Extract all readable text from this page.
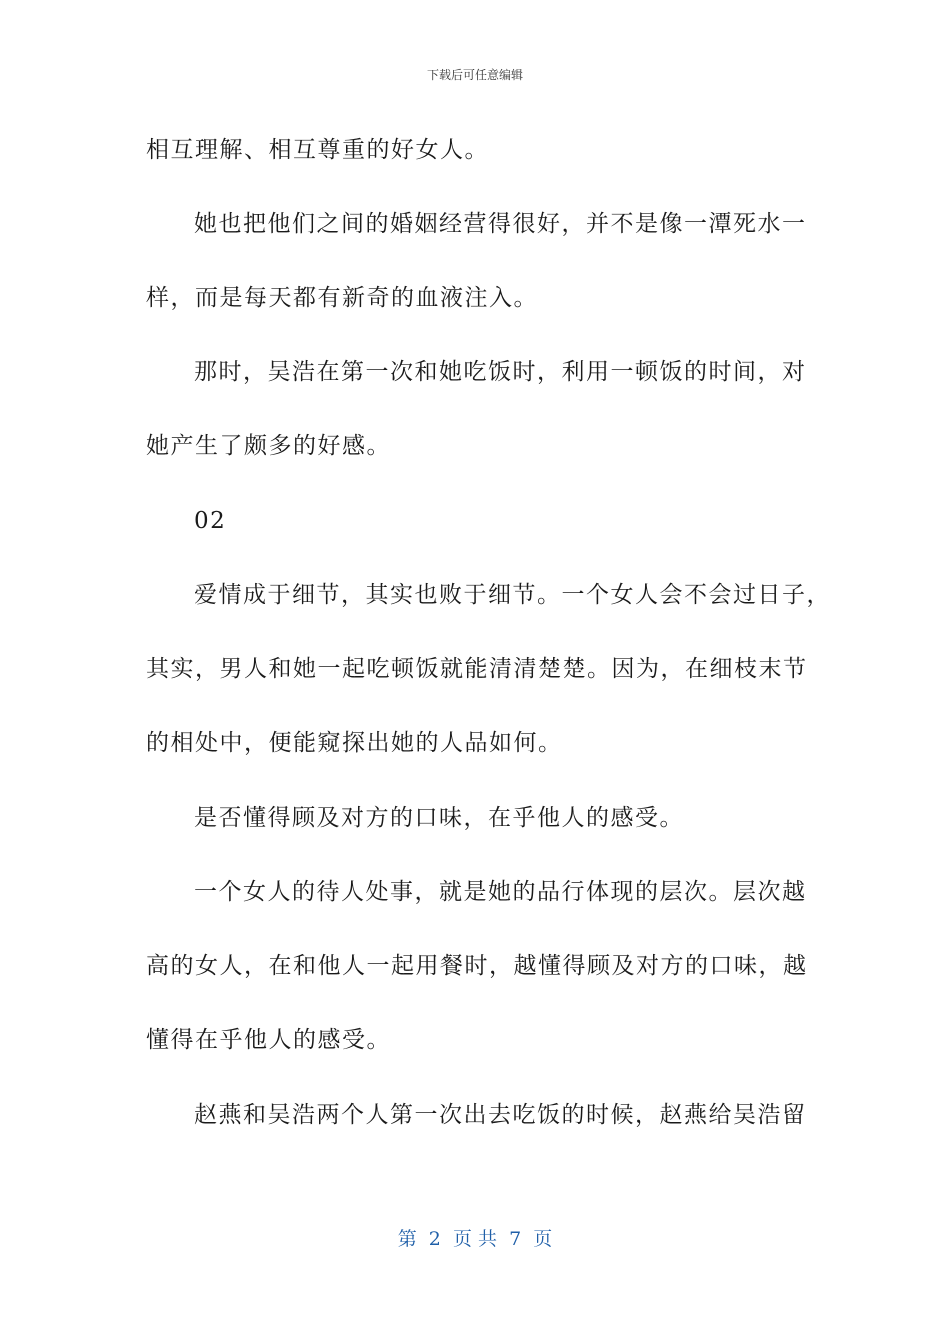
下载后可任意编辑
相互理解、相互尊重的好女人。
她也把他们之间的婚姻经营得很好，并不是像一潭死水一
样，而是每天都有新奇的血液注入。
那时，吴浩在第一次和她吃饭时，利用一顿饭的时间，对
她产生了颇多的好感。
02
爱情成于细节，其实也败于细节。一个女人会不会过日子，
其实，男人和她一起吃顿饭就能清清楚楚。因为，在细枝末节
的相处中，便能窥探出她的人品如何。
是否懂得顾及对方的口味，在乎他人的感受。
一个女人的待人处事，就是她的品行体现的层次。层次越
高的女人，在和他人一起用餐时，越懂得顾及对方的口味，越
懂得在乎他人的感受。
赵燕和吴浩两个人第一次出去吃饭的时候，赵燕给吴浩留
第  2  页 共  7  页
